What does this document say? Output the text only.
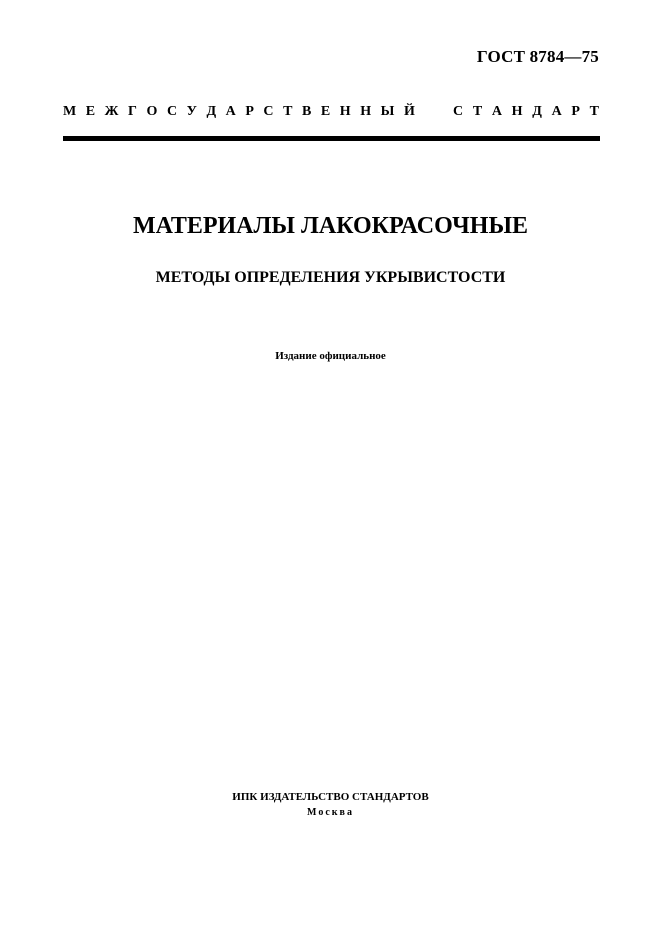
ГОСТ 8784—75
М Е Ж Г О С У Д А Р С Т В Е Н Н Ы Й	С Т А Н Д А Р Т
МАТЕРИАЛЫ ЛАКОКРАСОЧНЫЕ
МЕТОДЫ ОПРЕДЕЛЕНИЯ УКРЫВИСТОСТИ
Издание официальное
ИПК ИЗДАТЕЛЬСТВО СТАНДАРТОВ
Москва
